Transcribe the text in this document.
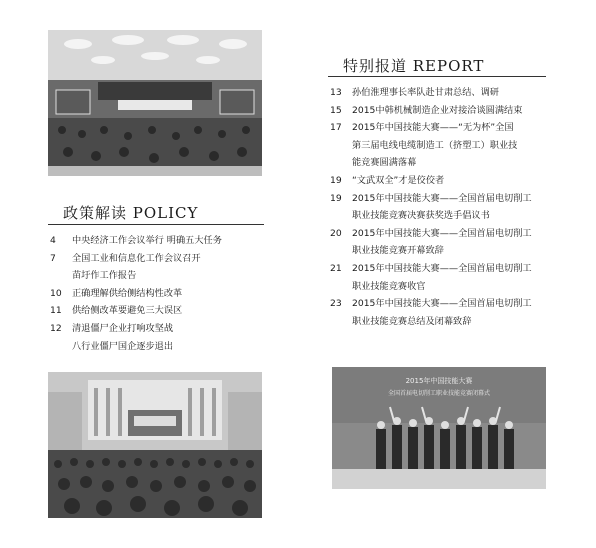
政策解读 POLICY
4	中央经济工作会议举行 明确五大任务
7	全国工业和信息化工作会议召开
苗圩作工作报告
10	正确理解供给侧结构性改革
11	供给侧改革要避免三大误区
12	清退僵尸企业打响攻坚战
八行业僵尸国企逐步退出
特别报道 REPORT
13	孙伯淮理事长率队赴甘肃总结、调研
15	2015中韩机械制造企业对接洽谈圆满结束
17	2015年中国技能大赛——“无为杯”全国
第三届电线电缆制造工（挤塑工）职业技
能竞赛圆满落幕
19	“文武双全”才是佼佼者
19	2015年中国技能大赛——全国首届电切削工
职业技能竞赛决赛获奖选手倡议书
20	2015年中国技能大赛——全国首届电切削工
职业技能竞赛开幕致辞
21	2015年中国技能大赛——全国首届电切削工
职业技能竞赛收官
23	2015年中国技能大赛——全国首届电切削工
职业技能竞赛总结及闭幕致辞
2015年中国技能大赛
全国首届电切削工职业技能竞赛闭幕式
